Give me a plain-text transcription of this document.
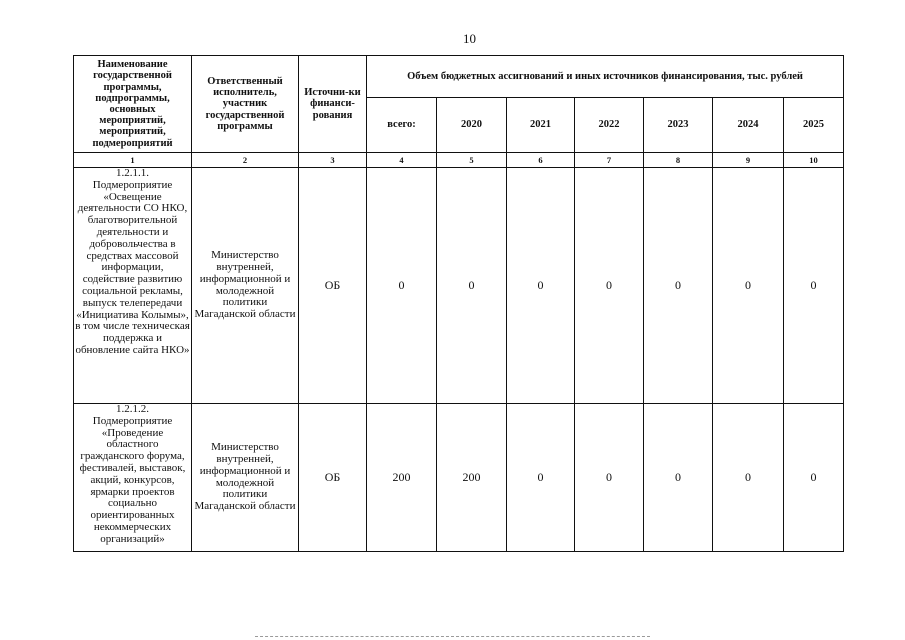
10
Наименование государственной программы, подпрограммы, основных мероприятий, мероприятий, подмероприятий	Ответственный исполнитель, участник государственной программы	Источни-ки финанси-рования	Объем бюджетных ассигнований и иных источников финансирования, тыс. рублей						
			всего:	2020	2021	2022	2023	2024	2025
1	2	3	4	5	6	7	8	9	10
1.2.1.1. Подмероприятие «Освещение деятельности СО НКО, благотворительной деятельности и добровольчества в средствах массовой информации, содействие развитию социальной рекламы, выпуск телепередачи «Инициатива Колымы», в том числе техническая поддержка и обновление сайта НКО»	Министерство внутренней, информационной и молодежной политики Магаданской области	ОБ	0	0	0	0	0	0	0
1.2.1.2. Подмероприятие «Проведение областного гражданского форума, фестивалей, выставок, акций, конкурсов, ярмарки проектов социально ориентированных некоммерческих организаций»	Министерство внутренней, информационной и молодежной политики Магаданской области	ОБ	200	200	0	0	0	0	0
